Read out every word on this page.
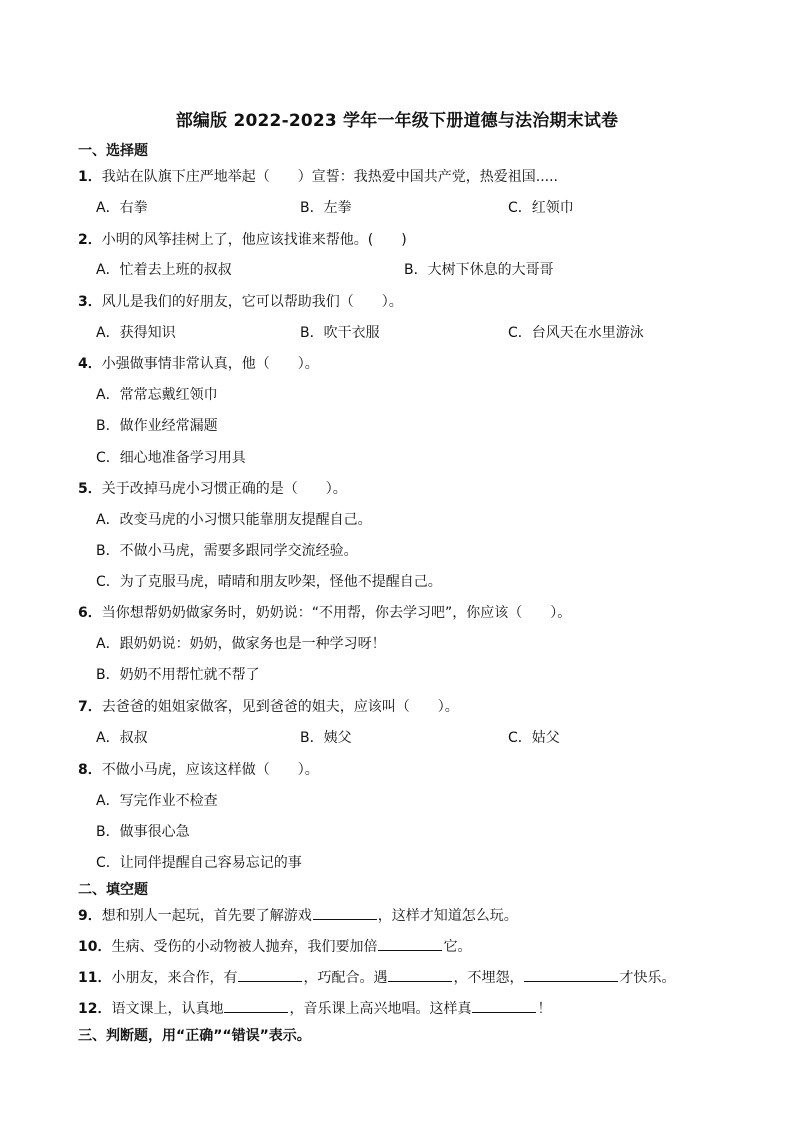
部编版 2022-2023 学年一年级下册道德与法治期末试卷
一、选择题
1．我站在队旗下庄严地举起（　　）宣誓：我热爱中国共产党，热爱祖国.....
A．右拳	B．左拳	C．红领巾
2．小明的风筝挂树上了，他应该找谁来帮他。(　　)
A．忙着去上班的叔叔	B．大树下休息的大哥哥
3．风儿是我们的好朋友，它可以帮助我们（　　）。
A．获得知识	B．吹干衣服	C．台风天在水里游泳
4．小强做事情非常认真，他（　　）。
A．常常忘戴红领巾
B．做作业经常漏题
C．细心地准备学习用具
5．关于改掉马虎小习惯正确的是（　　）。
A．改变马虎的小习惯只能靠朋友提醒自己。
B．不做小马虎，需要多跟同学交流经验。
C．为了克服马虎，晴晴和朋友吵架，怪他不提醒自己。
6．当你想帮奶奶做家务时，奶奶说：“不用帮，你去学习吧”，你应该（　　）。
A．跟奶奶说：奶奶，做家务也是一种学习呀！
B．奶奶不用帮忙就不帮了
7．去爸爸的姐姐家做客，见到爸爸的姐夫，应该叫（　　）。
A．叔叔	B．姨父	C．姑父
8．不做小马虎，应该这样做（　　）。
A．写完作业不检查
B．做事很心急
C．让同伴提醒自己容易忘记的事
二、填空题
9．想和别人一起玩，首先要了解游戏	，这样才知道怎么玩。
10．生病、受伤的小动物被人抛弃，我们要加倍	它。
11．小朋友，来合作，有	，巧配合。遇	，不埋怨，	才快乐。
12．语文课上，认真地	，音乐课上高兴地唱。这样真	！
三、判断题，用“正确”“错误”表示。
